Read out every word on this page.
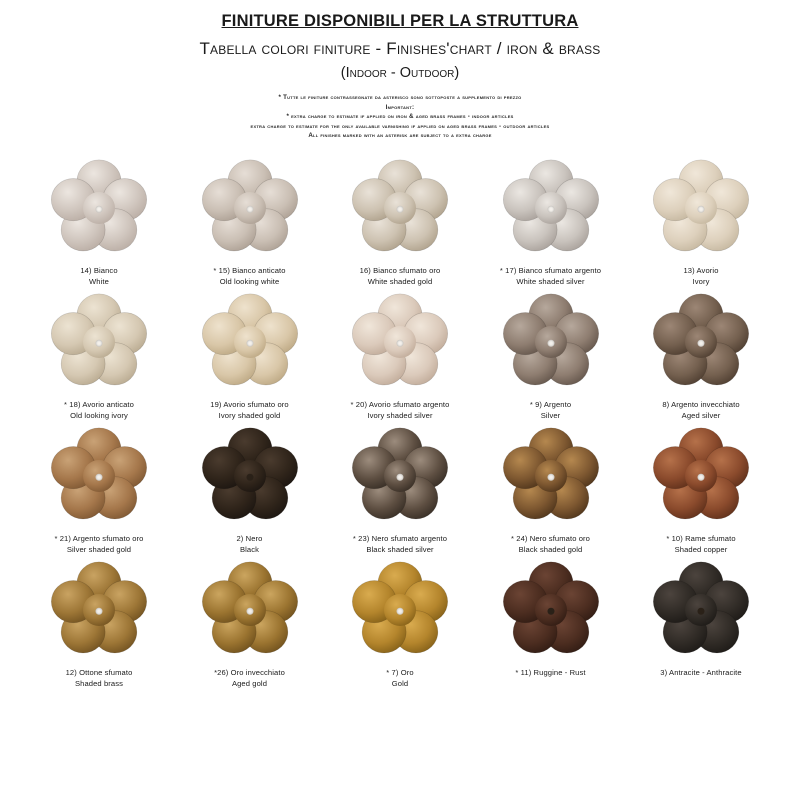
FINITURE DISPONIBILI PER LA STRUTTURA
Tabella colori finiture - Finishes'chart / iron & brass
(Indoor - Outdoor)
* Tutte le finiture contrassegnate da asterisco sono sottoposte a supplemento di prezzo
Important:
* extra charge to estimate if applied on iron & aged brass frames - indoor articles
extra charge to estimate for the only available varnishing if applied on aged brass frames - outdoor articles
All finishes marked with an asterisk are subject to a extra charge
14) Bianco
White
* 15) Bianco anticato
Old looking white
16) Bianco sfumato oro
White shaded gold
* 17) Bianco sfumato argento
White shaded silver
13) Avorio
Ivory
* 18) Avorio anticato
Old looking ivory
19) Avorio sfumato oro
Ivory shaded gold
* 20) Avorio sfumato argento
Ivory shaded silver
* 9) Argento
Silver
8) Argento invecchiato
Aged silver
* 21) Argento sfumato oro
Silver shaded gold
2) Nero
Black
* 23) Nero sfumato argento
Black shaded silver
* 24) Nero sfumato oro
Black shaded gold
* 10) Rame sfumato
Shaded copper
12) Ottone sfumato
Shaded brass
*26) Oro invecchiato
Aged gold
* 7) Oro
Gold
* 11) Ruggine - Rust	3) Antracite - Anthracite
